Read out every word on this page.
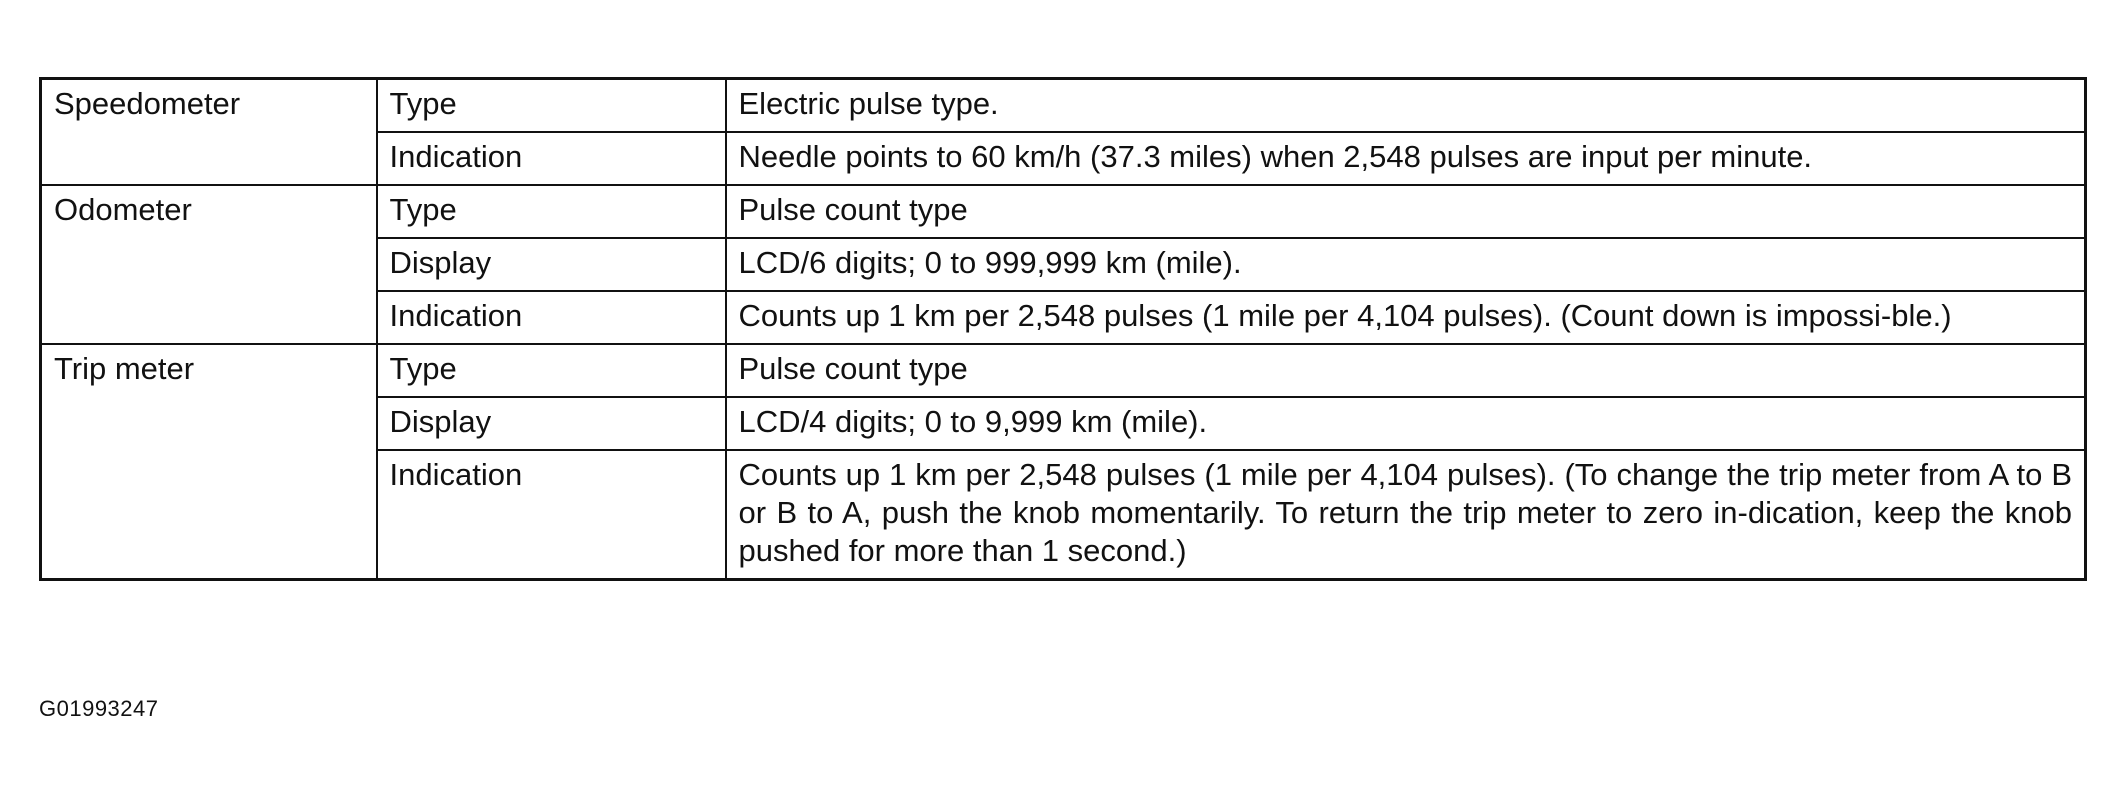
Speedometer	Type	Electric pulse type.
	Indication	Needle points to 60 km/h (37.3 miles) when 2,548 pulses are input per minute.
Odometer	Type	Pulse count type
	Display	LCD/6 digits; 0 to 999,999 km (mile).
	Indication	Counts up 1 km per 2,548 pulses (1 mile per 4,104 pulses). (Count down is impossi-ble.)
Trip meter	Type	Pulse count type
	Display	LCD/4 digits; 0 to 9,999 km (mile).
	Indication	Counts up 1 km per 2,548 pulses (1 mile per 4,104 pulses). (To change the trip meter from A to B or B to A, push the knob momentarily. To return the trip meter to zero in-dication, keep the knob pushed for more than 1 second.)
G01993247
